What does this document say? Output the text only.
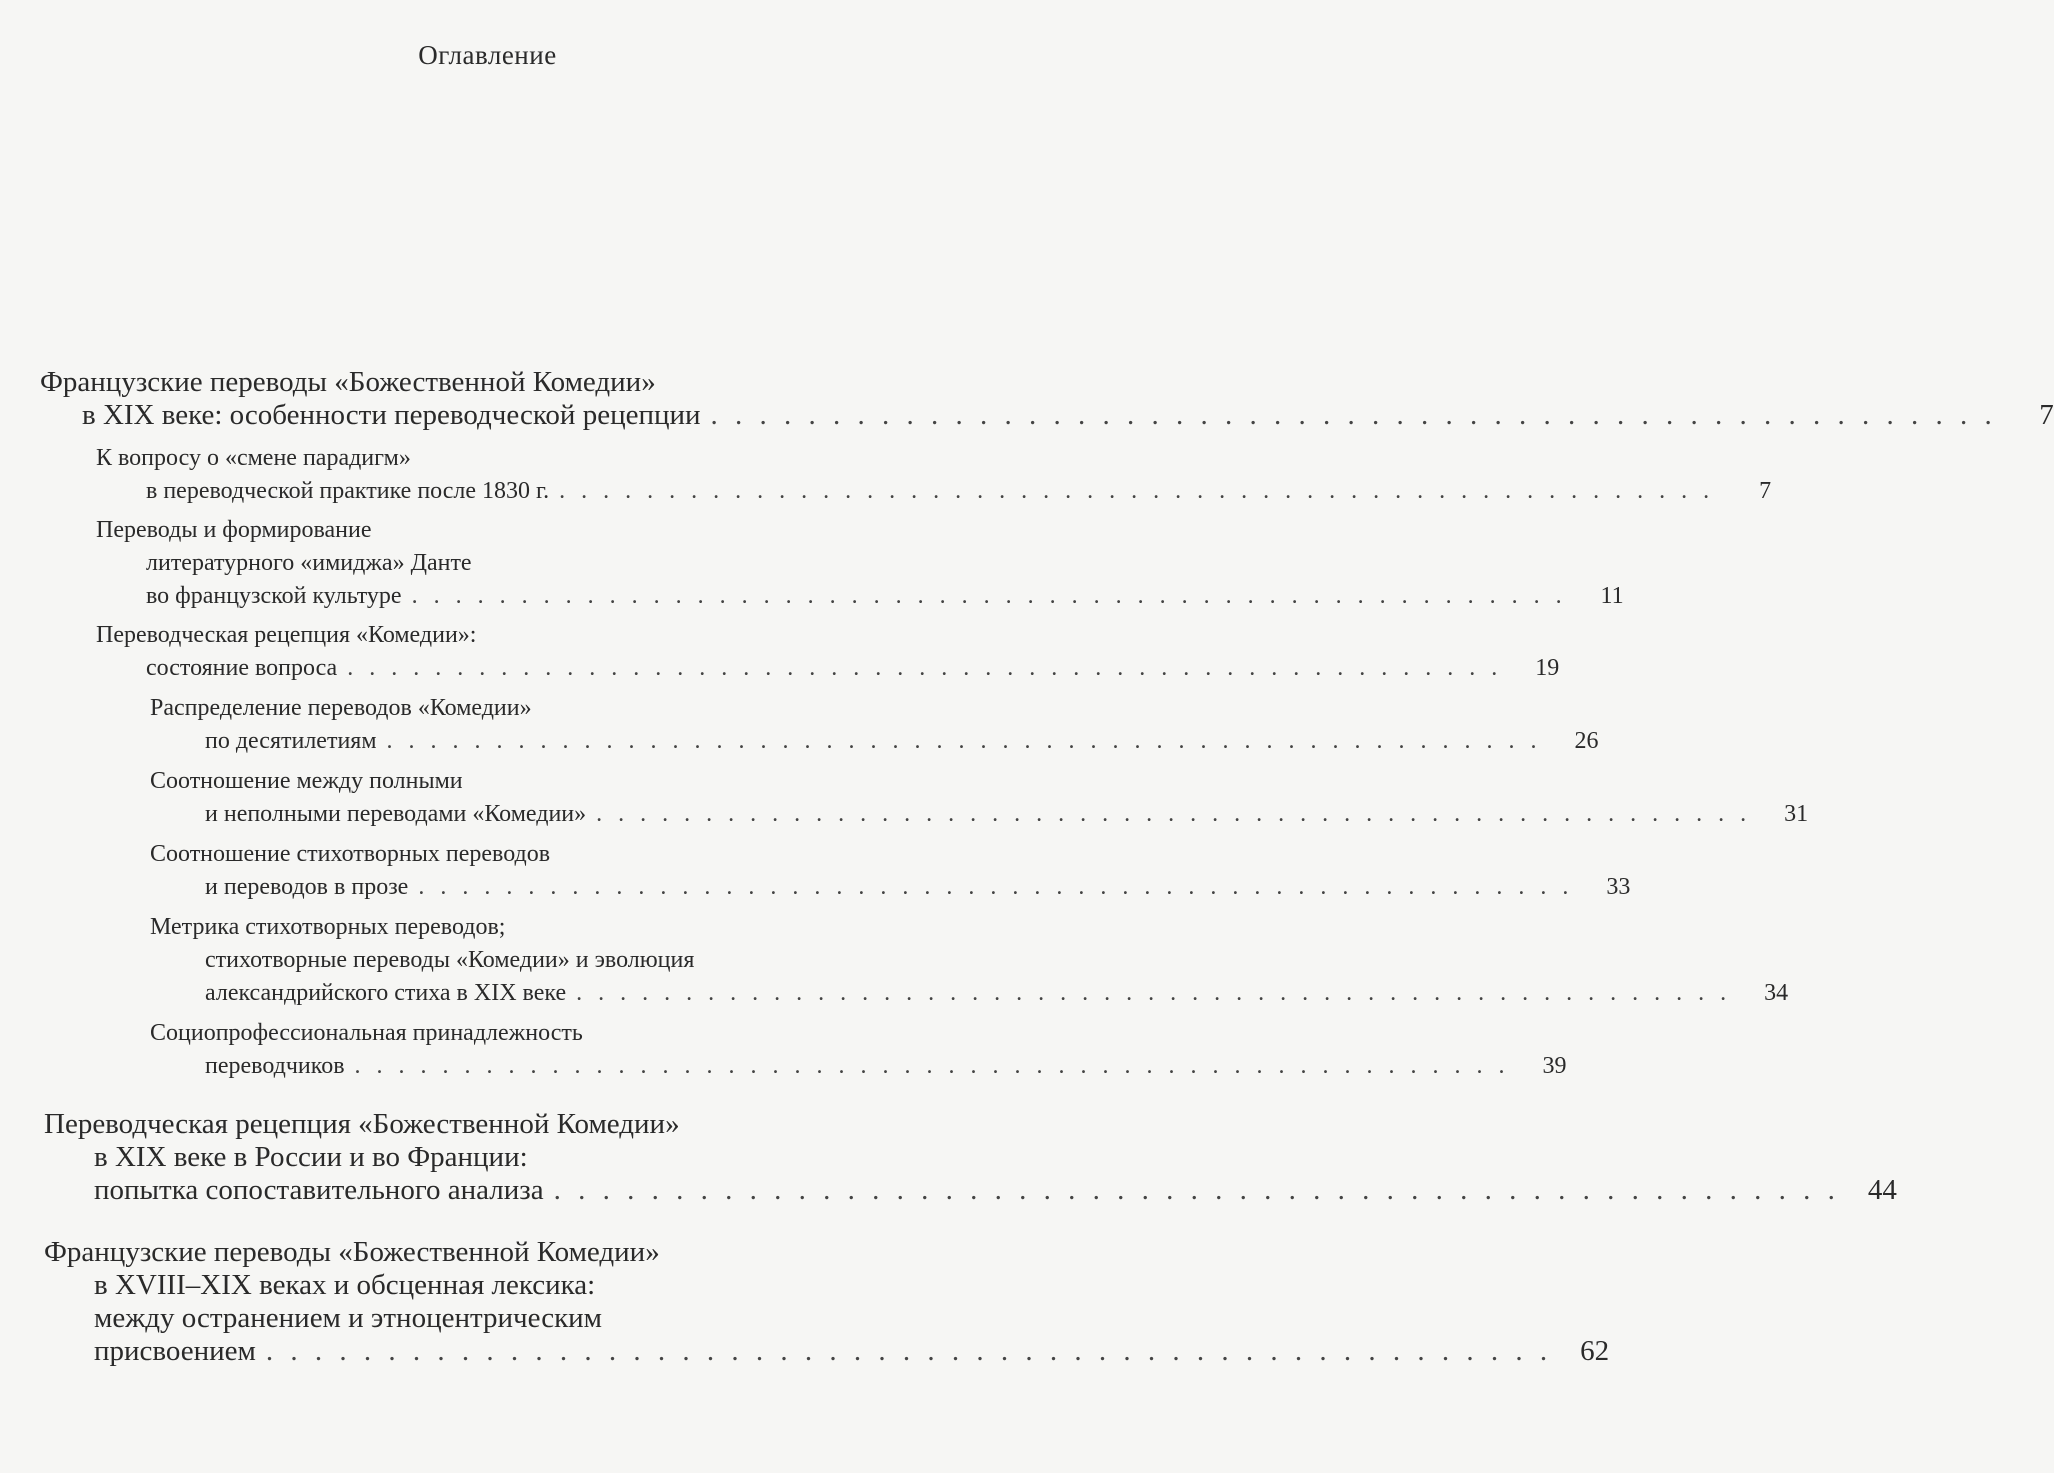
Оглавление
Французские переводы «Божественной Комедии»
в XIX веке: особенности переводческой рецепции . . . . . . . . . . . . . . . . . . . . . . . . . . . . . . . . . . . . . . . . . . . . . . . . . . . . .	7
К вопросу о «смене парадигм»
в переводческой практике после 1830 г. . . . . . . . . . . . . . . . . . . . . . . . . . . . . . . . . . . . . . . . . . . . . . . . . . . . . .	7
Переводы и формирование
литературного «имиджа» Данте
во французской культуре . . . . . . . . . . . . . . . . . . . . . . . . . . . . . . . . . . . . . . . . . . . . . . . . . . . . .	11
Переводческая рецепция «Комедии»:
состояние вопроса . . . . . . . . . . . . . . . . . . . . . . . . . . . . . . . . . . . . . . . . . . . . . . . . . . . . .	19
Распределение переводов «Комедии»
по десятилетиям . . . . . . . . . . . . . . . . . . . . . . . . . . . . . . . . . . . . . . . . . . . . . . . . . . . . .	26
Соотношение между полными
и неполными переводами «Комедии» . . . . . . . . . . . . . . . . . . . . . . . . . . . . . . . . . . . . . . . . . . . . . . . . . . . . .	31
Соотношение стихотворных переводов
и переводов в прозе . . . . . . . . . . . . . . . . . . . . . . . . . . . . . . . . . . . . . . . . . . . . . . . . . . . . .	33
Метрика стихотворных переводов;
стихотворные переводы «Комедии» и эволюция
александрийского стиха в XIX веке . . . . . . . . . . . . . . . . . . . . . . . . . . . . . . . . . . . . . . . . . . . . . . . . . . . . .	34
Социопрофессиональная принадлежность
переводчиков . . . . . . . . . . . . . . . . . . . . . . . . . . . . . . . . . . . . . . . . . . . . . . . . . . . . .	39
Переводческая рецепция «Божественной Комедии»
в XIX веке в России и во Франции:
попытка сопоставительного анализа . . . . . . . . . . . . . . . . . . . . . . . . . . . . . . . . . . . . . . . . . . . . . . . . . . . . . 44
Французские переводы «Божественной Комедии»
в XVIII–XIX веках и обсценная лексика:
между остранением и этноцентрическим
присвоением . . . . . . . . . . . . . . . . . . . . . . . . . . . . . . . . . . . . . . . . . . . . . . . . . . . . . 62
